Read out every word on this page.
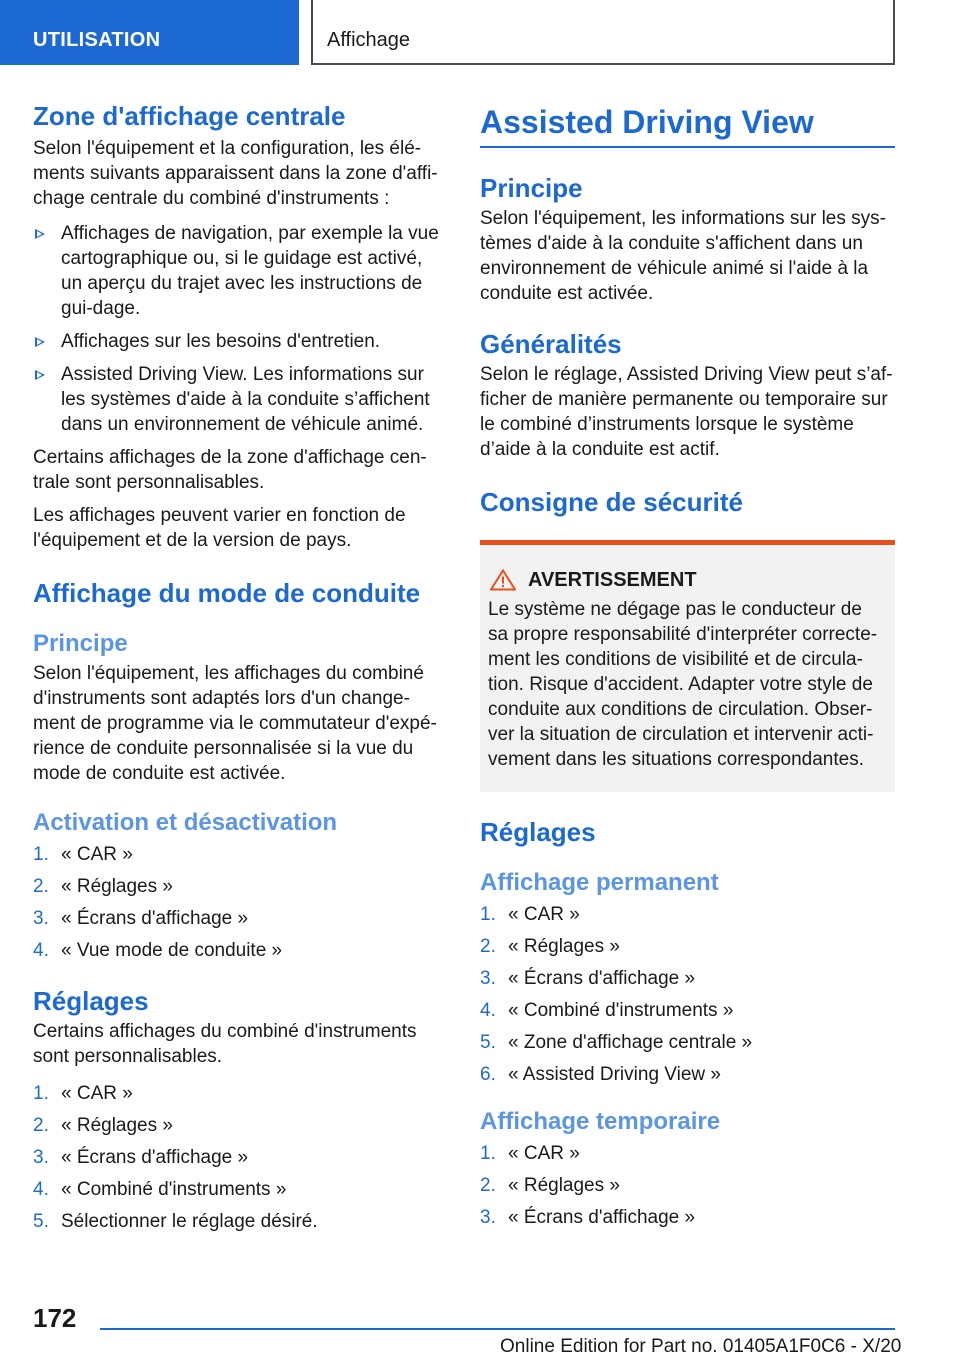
UTILISATION	Affichage
Zone d'affichage centrale

Selon l'équipement et la configuration, les élé-ments suivants apparaissent dans la zone d'affi-chage centrale du combiné d'instruments :

Affichages de navigation, par exemple la vue cartographique ou, si le guidage est activé, un aperçu du trajet avec les instructions de gui-dage.
Affichages sur les besoins d'entretien.
Assisted Driving View. Les informations sur les systèmes d'aide à la conduite s’affichent dans un environnement de véhicule animé.

Certains affichages de la zone d'affichage cen-trale sont personnalisables.

Les affichages peuvent varier en fonction de l'équipement et de la version de pays.

Affichage du mode de conduite
Principe

Selon l'équipement, les affichages du combiné d'instruments sont adaptés lors d'un change-ment de programme via le commutateur d'expé-rience de conduite personnalisée si la vue du mode de conduite est activée.

Activation et désactivation
1. « CAR »
2. « Réglages »
3. « Écrans d'affichage »
4. « Vue mode de conduite »
Réglages

Certains affichages du combiné d'instruments sont personnalisables.

1. « CAR »
2. « Réglages »
3. « Écrans d'affichage »
4. « Combiné d'instruments »
5. Sélectionner le réglage désiré.
Assisted Driving View
Principe

Selon l'équipement, les informations sur les sys-tèmes d'aide à la conduite s'affichent dans un environnement de véhicule animé si l'aide à la conduite est activée.

Généralités

Selon le réglage, Assisted Driving View peut s’af-ficher de manière permanente ou temporaire sur le combiné d’instruments lorsque le système d’aide à la conduite est actif.

Consigne de sécurité
AVERTISSEMENT

Le système ne dégage pas le conducteur de sa propre responsabilité d'interpréter correcte-ment les conditions de visibilité et de circula-tion. Risque d'accident. Adapter votre style de conduite aux conditions de circulation. Obser-ver la situation de circulation et intervenir acti-vement dans les situations correspondantes.

Réglages
Affichage permanent
1. « CAR »
2. « Réglages »
3. « Écrans d'affichage »
4. « Combiné d'instruments »
5. « Zone d'affichage centrale »
6. « Assisted Driving View »
Affichage temporaire
1. « CAR »
2. « Réglages »
3. « Écrans d'affichage »
172
Online Edition for Part no. 01405A1F0C6 - X/20
